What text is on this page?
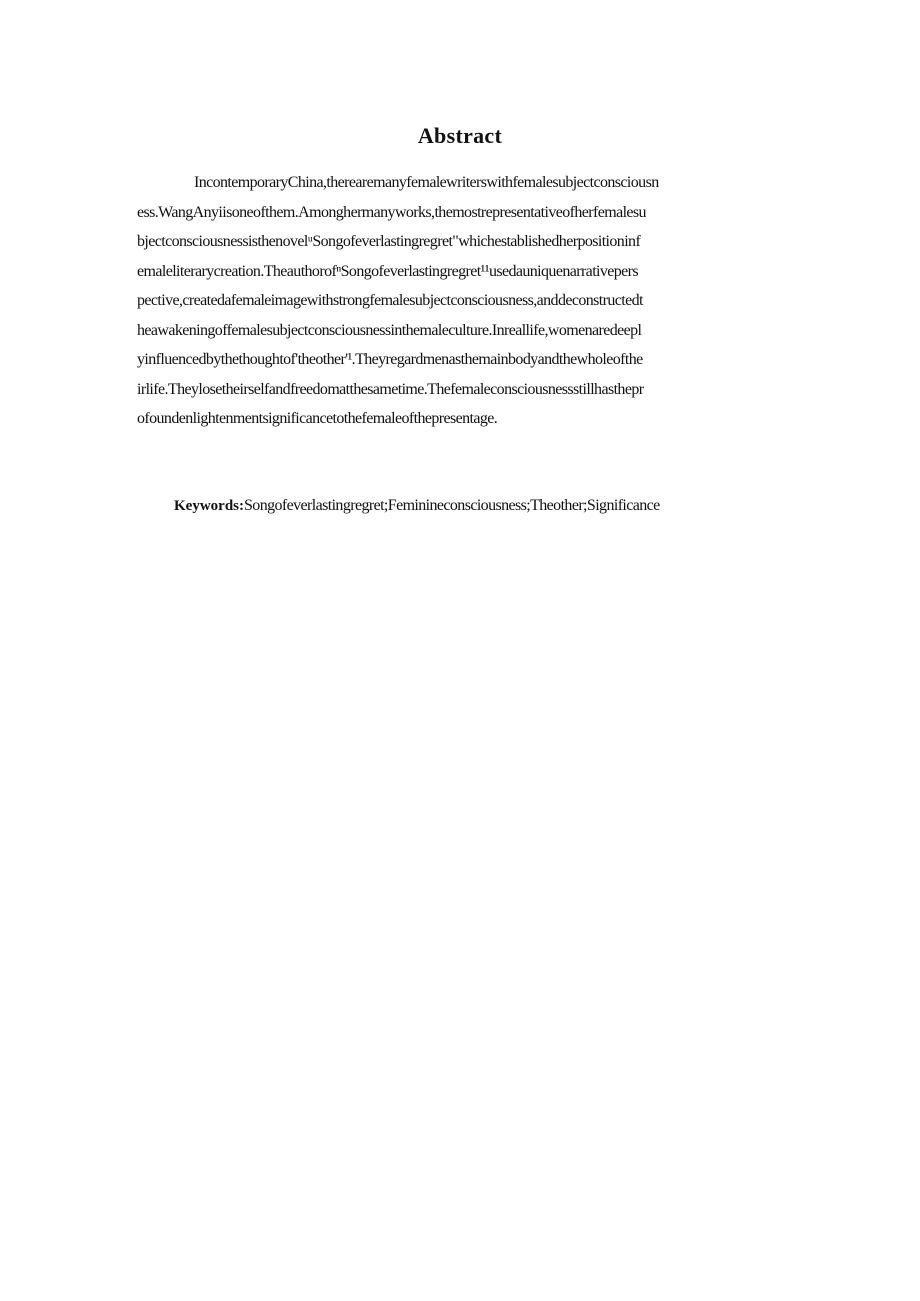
Abstract
IncontemporaryChina,therearemanyfemalewriterswithfemalesubjectconsciousn
ess.WangAnyiisoneofthem.Amonghermanyworks,themostrepresentativeofherfemalesu
bjectconsciousnessisthenovelᵘSongofeverlastingregret"whichestablishedherpositioninf
emaleliterarycreation.TheauthorofⁿSongofeverlastingregret¹¹usedauniquenarrativepers
pective,createdafemaleimagewithstrongfemalesubjectconsciousness,anddeconstructedt
heawakeningoffemalesubjectconsciousnessinthemaleculture.Inreallife,womenaredeepl
yinfluencedbythethoughtof'theother'¹.Theyregardmenasthemainbodyandthewholeofthe
irlife.Theylosetheirselfandfreedomatthesametime.Thefemaleconsciousnessstillhasthepr
ofoundenlightenmentsignificancetothefemaleofthepresentage.
Keywords:Songofeverlastingregret;Feminineconsciousness;Theother;Significance
